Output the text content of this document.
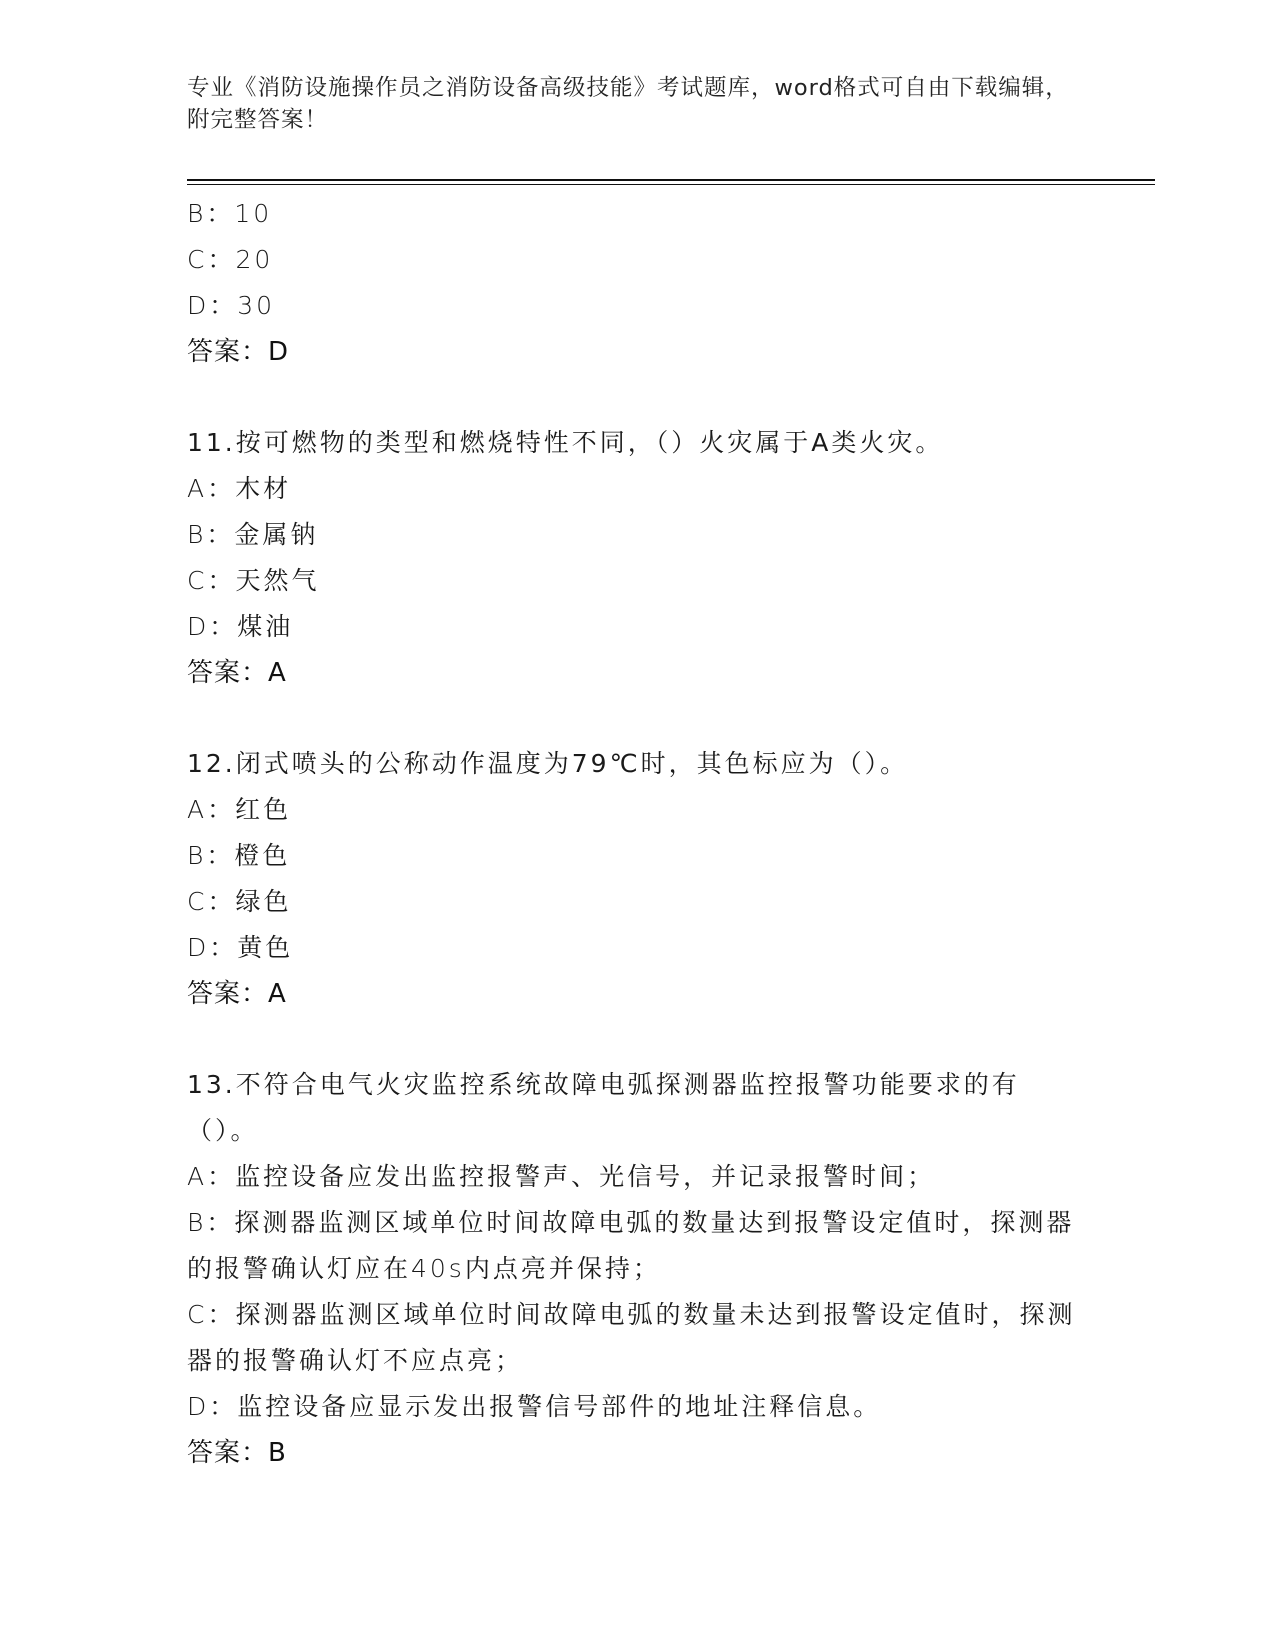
专业《消防设施操作员之消防设备高级技能》考试题库，word格式可自由下载编辑，附完整答案！
B：10
C：20
D：30
答案：D
11.按可燃物的类型和燃烧特性不同，（）火灾属于A类火灾。
A：木材
B：金属钠
C：天然气
D：煤油
答案：A
12.闭式喷头的公称动作温度为79℃时，其色标应为（）。
A：红色
B：橙色
C：绿色
D：黄色
答案：A
13.不符合电气火灾监控系统故障电弧探测器监控报警功能要求的有（）。
A：监控设备应发出监控报警声、光信号，并记录报警时间；
B：探测器监测区域单位时间故障电弧的数量达到报警设定值时，探测器的报警确认灯应在40s内点亮并保持；
C：探测器监测区域单位时间故障电弧的数量未达到报警设定值时，探测器的报警确认灯不应点亮；
D：监控设备应显示发出报警信号部件的地址注释信息。
答案：B
